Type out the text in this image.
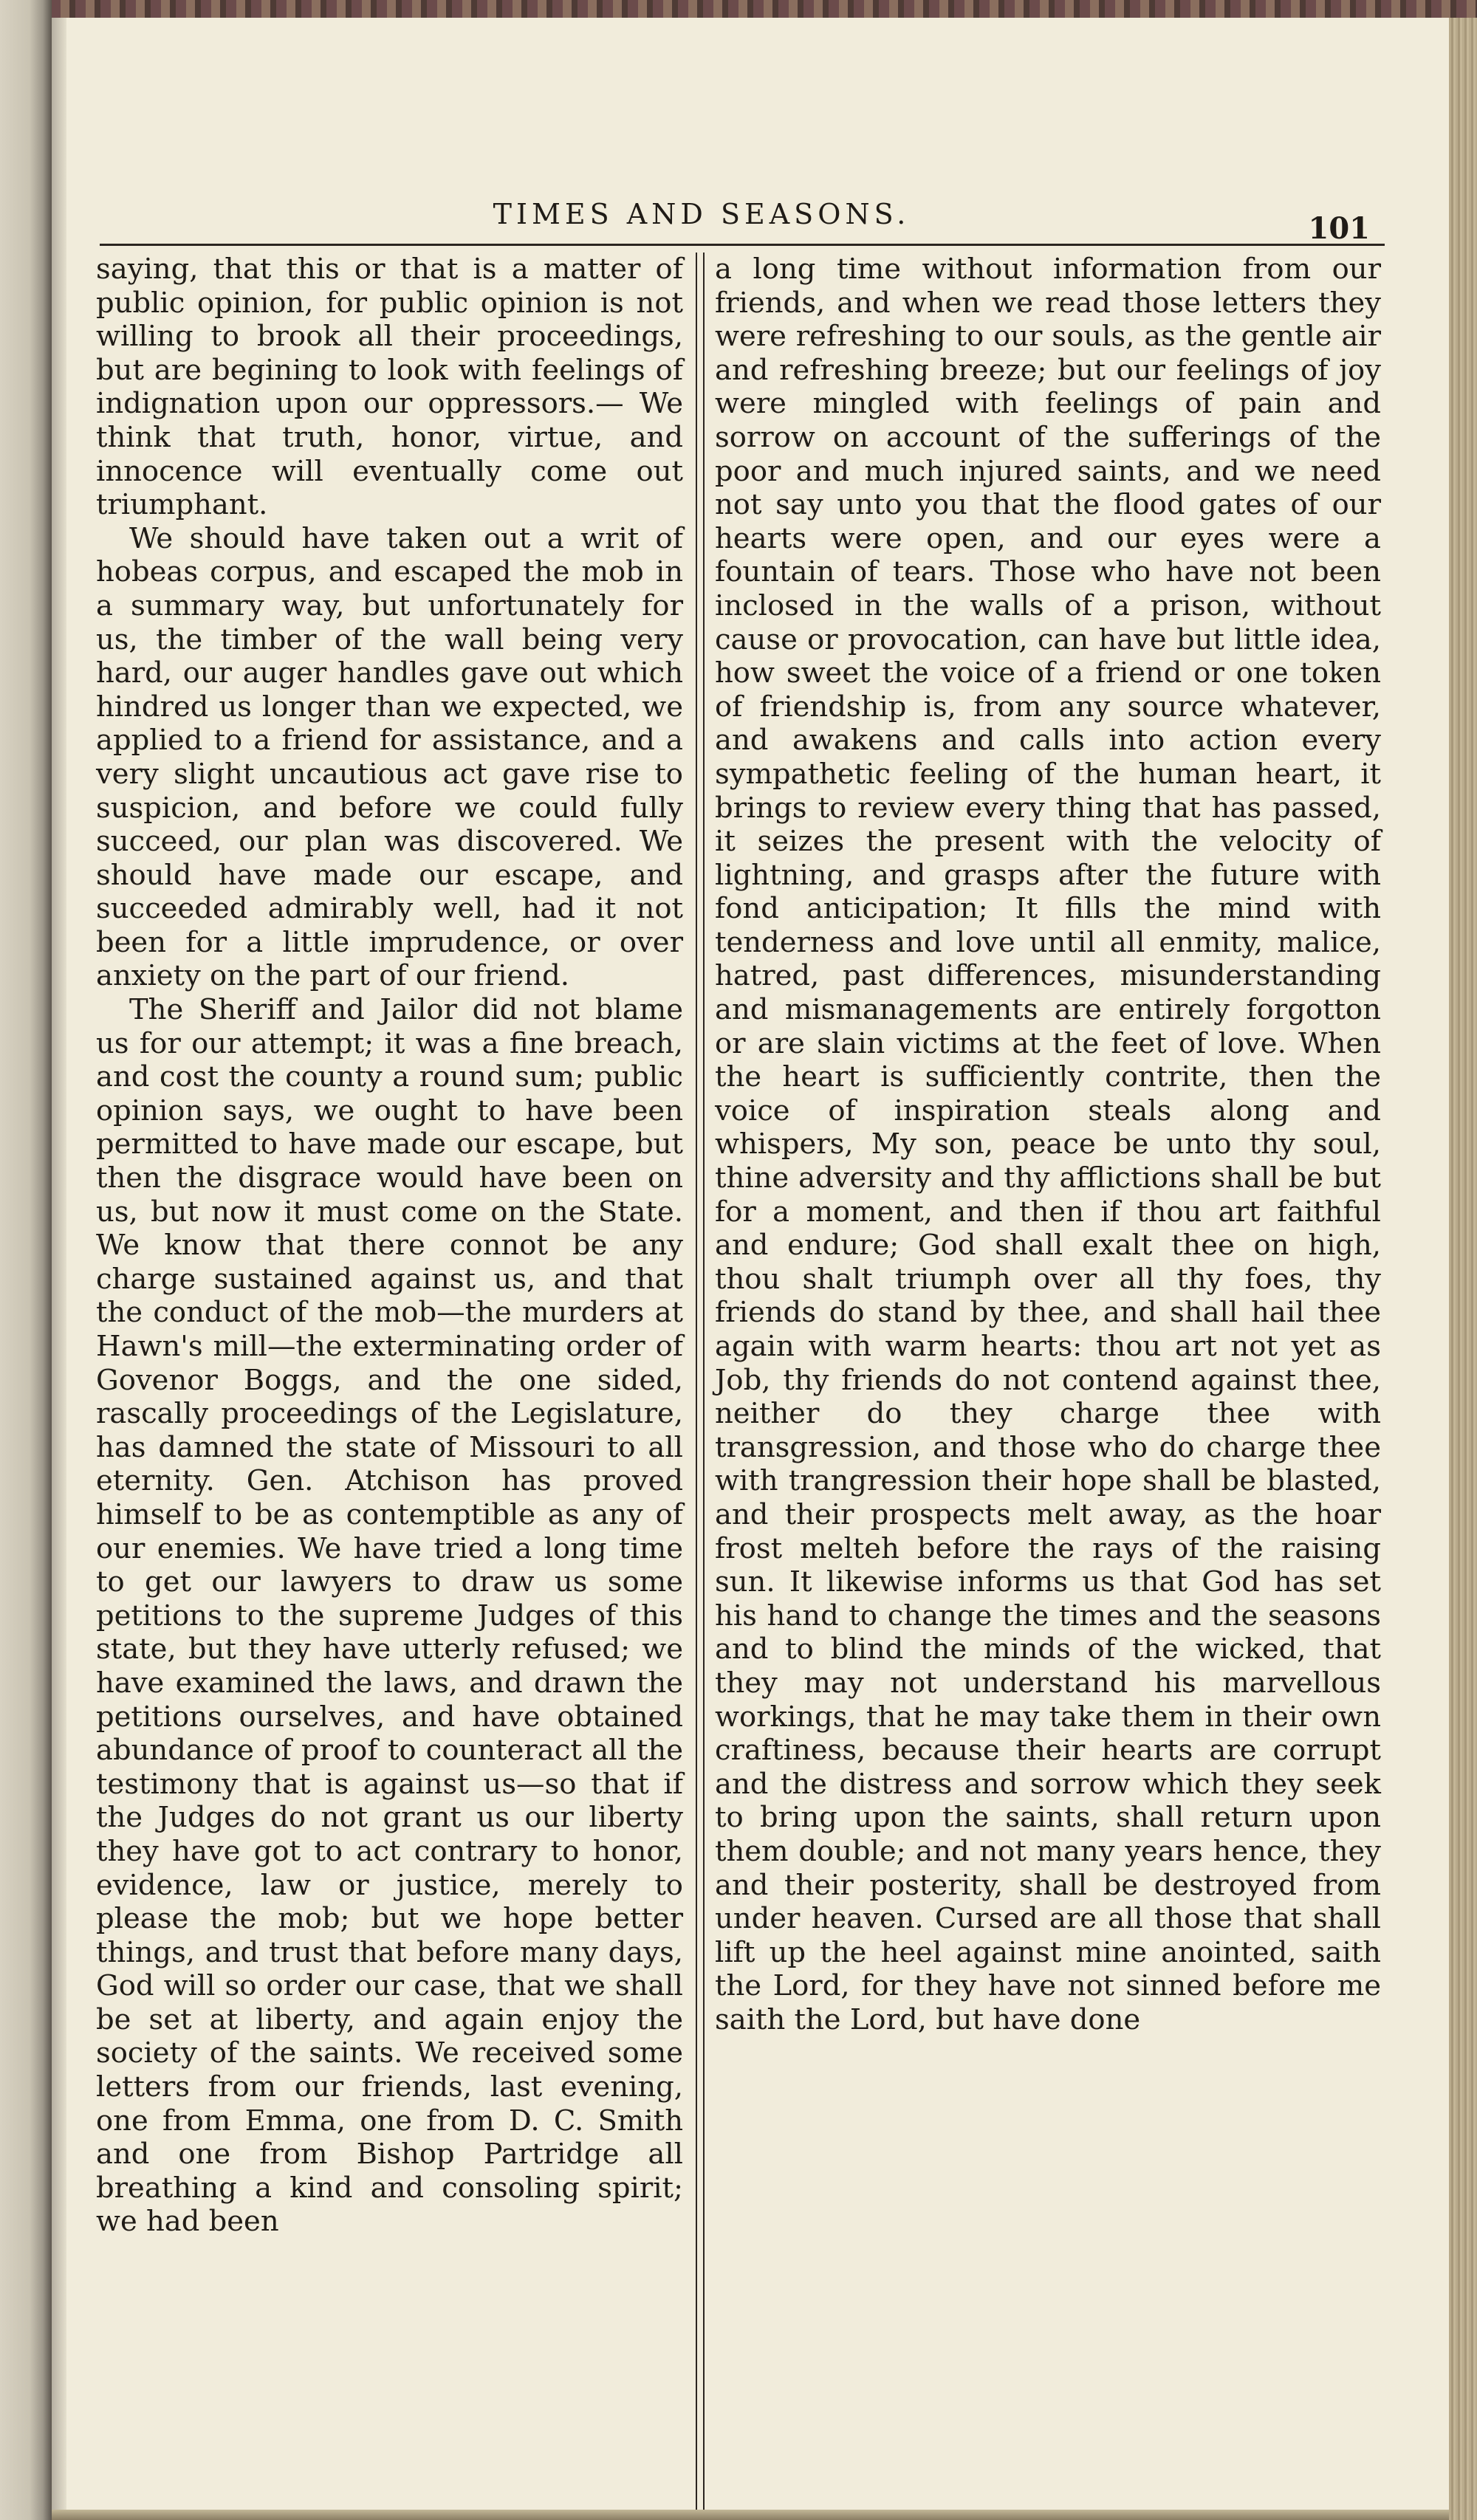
TIMES AND SEASONS.	101

saying, that this or that is a matter of public opinion, for public opinion is not willing to brook all their proceedings, but are begining to look with feelings of indignation upon our oppressors.— We think that truth, honor, virtue, and innocence will eventually come out triumphant.

We should have taken out a writ of hobeas corpus, and escaped the mob in a summary way, but unfortunately for us, the timber of the wall being very hard, our auger handles gave out which hindred us longer than we expected, we applied to a friend for assistance, and a very slight uncautious act gave rise to suspicion, and before we could fully succeed, our plan was discovered. We should have made our escape, and succeeded admirably well, had it not been for a little imprudence, or over anxiety on the part of our friend.

The Sheriff and Jailor did not blame us for our attempt; it was a fine breach, and cost the county a round sum; public opinion says, we ought to have been permitted to have made our escape, but then the disgrace would have been on us, but now it must come on the State. We know that there connot be any charge sustained against us, and that the conduct of the mob—the murders at Hawn's mill—the exterminating order of Govenor Boggs, and the one sided, rascally proceedings of the Legislature, has damned the state of Missouri to all eternity. Gen. Atchison has proved himself to be as contemptible as any of our enemies. We have tried a long time to get our lawyers to draw us some petitions to the supreme Judges of this state, but they have utterly refused; we have examined the laws, and drawn the petitions ourselves, and have obtained abundance of proof to counteract all the testimony that is against us—so that if the Judges do not grant us our liberty they have got to act contrary to honor, evidence, law or justice, merely to please the mob; but we hope better things, and trust that before many days, God will so order our case, that we shall be set at liberty, and again enjoy the society of the saints. We received some letters from our friends, last evening, one from Emma, one from D. C. Smith and one from Bishop Partridge all breathing a kind and consoling spirit; we had been

a long time without information from our friends, and when we read those letters they were refreshing to our souls, as the gentle air and refreshing breeze; but our feelings of joy were mingled with feelings of pain and sorrow on account of the sufferings of the poor and much injured saints, and we need not say unto you that the flood gates of our hearts were open, and our eyes were a fountain of tears. Those who have not been inclosed in the walls of a prison, without cause or provocation, can have but little idea, how sweet the voice of a friend or one token of friendship is, from any source whatever, and awakens and calls into action every sympathetic feeling of the human heart, it brings to review every thing that has passed, it seizes the present with the velocity of lightning, and grasps after the future with fond anticipation; It fills the mind with tenderness and love until all enmity, malice, hatred, past differences, misunderstanding and mismanagements are entirely forgotton or are slain victims at the feet of love. When the heart is sufficiently contrite, then the voice of inspiration steals along and whispers, My son, peace be unto thy soul, thine adversity and thy afflictions shall be but for a moment, and then if thou art faithful and endure; God shall exalt thee on high, thou shalt triumph over all thy foes, thy friends do stand by thee, and shall hail thee again with warm hearts: thou art not yet as Job, thy friends do not contend against thee, neither do they charge thee with transgression, and those who do charge thee with trangression their hope shall be blasted, and their prospects melt away, as the hoar frost melteh before the rays of the raising sun. It likewise informs us that God has set his hand to change the times and the seasons and to blind the minds of the wicked, that they may not understand his marvellous workings, that he may take them in their own craftiness, because their hearts are corrupt and the distress and sorrow which they seek to bring upon the saints, shall return upon them double; and not many years hence, they and their posterity, shall be destroyed from under heaven. Cursed are all those that shall lift up the heel against mine anointed, saith the Lord, for they have not sinned before me saith the Lord, but have done
